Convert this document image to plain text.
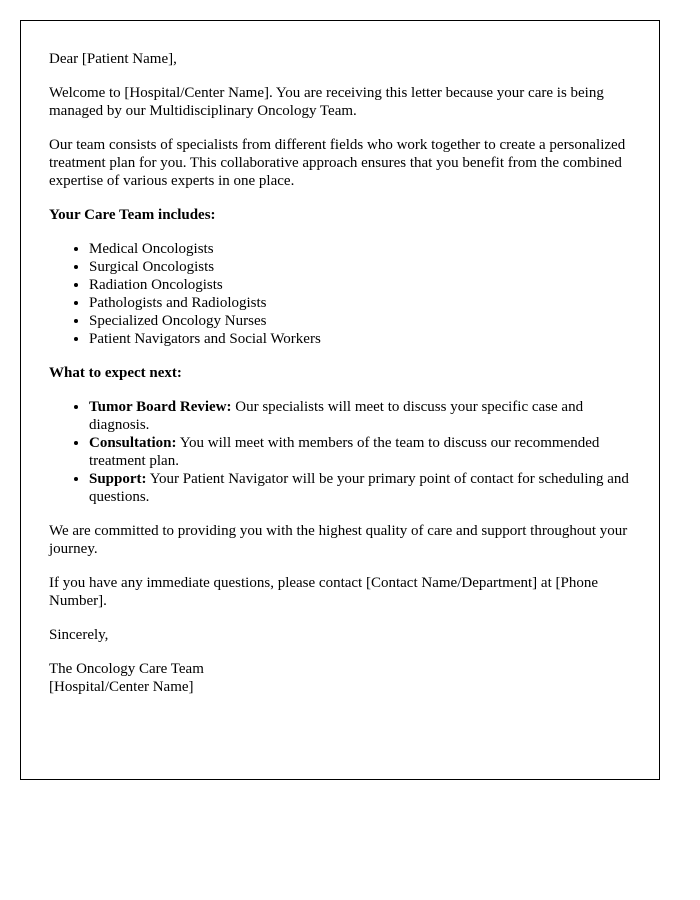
Dear [Patient Name],

Welcome to [Hospital/Center Name]. You are receiving this letter because your care is being managed by our Multidisciplinary Oncology Team.

Our team consists of specialists from different fields who work together to create a personalized treatment plan for you. This collaborative approach ensures that you benefit from the combined expertise of various experts in one place.

Your Care Team includes:

• Medical Oncologists
• Surgical Oncologists
• Radiation Oncologists
• Pathologists and Radiologists
• Specialized Oncology Nurses
• Patient Navigators and Social Workers

What to expect next:

• Tumor Board Review: Our specialists will meet to discuss your specific case and diagnosis.
• Consultation: You will meet with members of the team to discuss our recommended treatment plan.
• Support: Your Patient Navigator will be your primary point of contact for scheduling and questions.

We are committed to providing you with the highest quality of care and support throughout your journey.

If you have any immediate questions, please contact [Contact Name/Department] at [Phone Number].

Sincerely,

The Oncology Care Team
[Hospital/Center Name]
